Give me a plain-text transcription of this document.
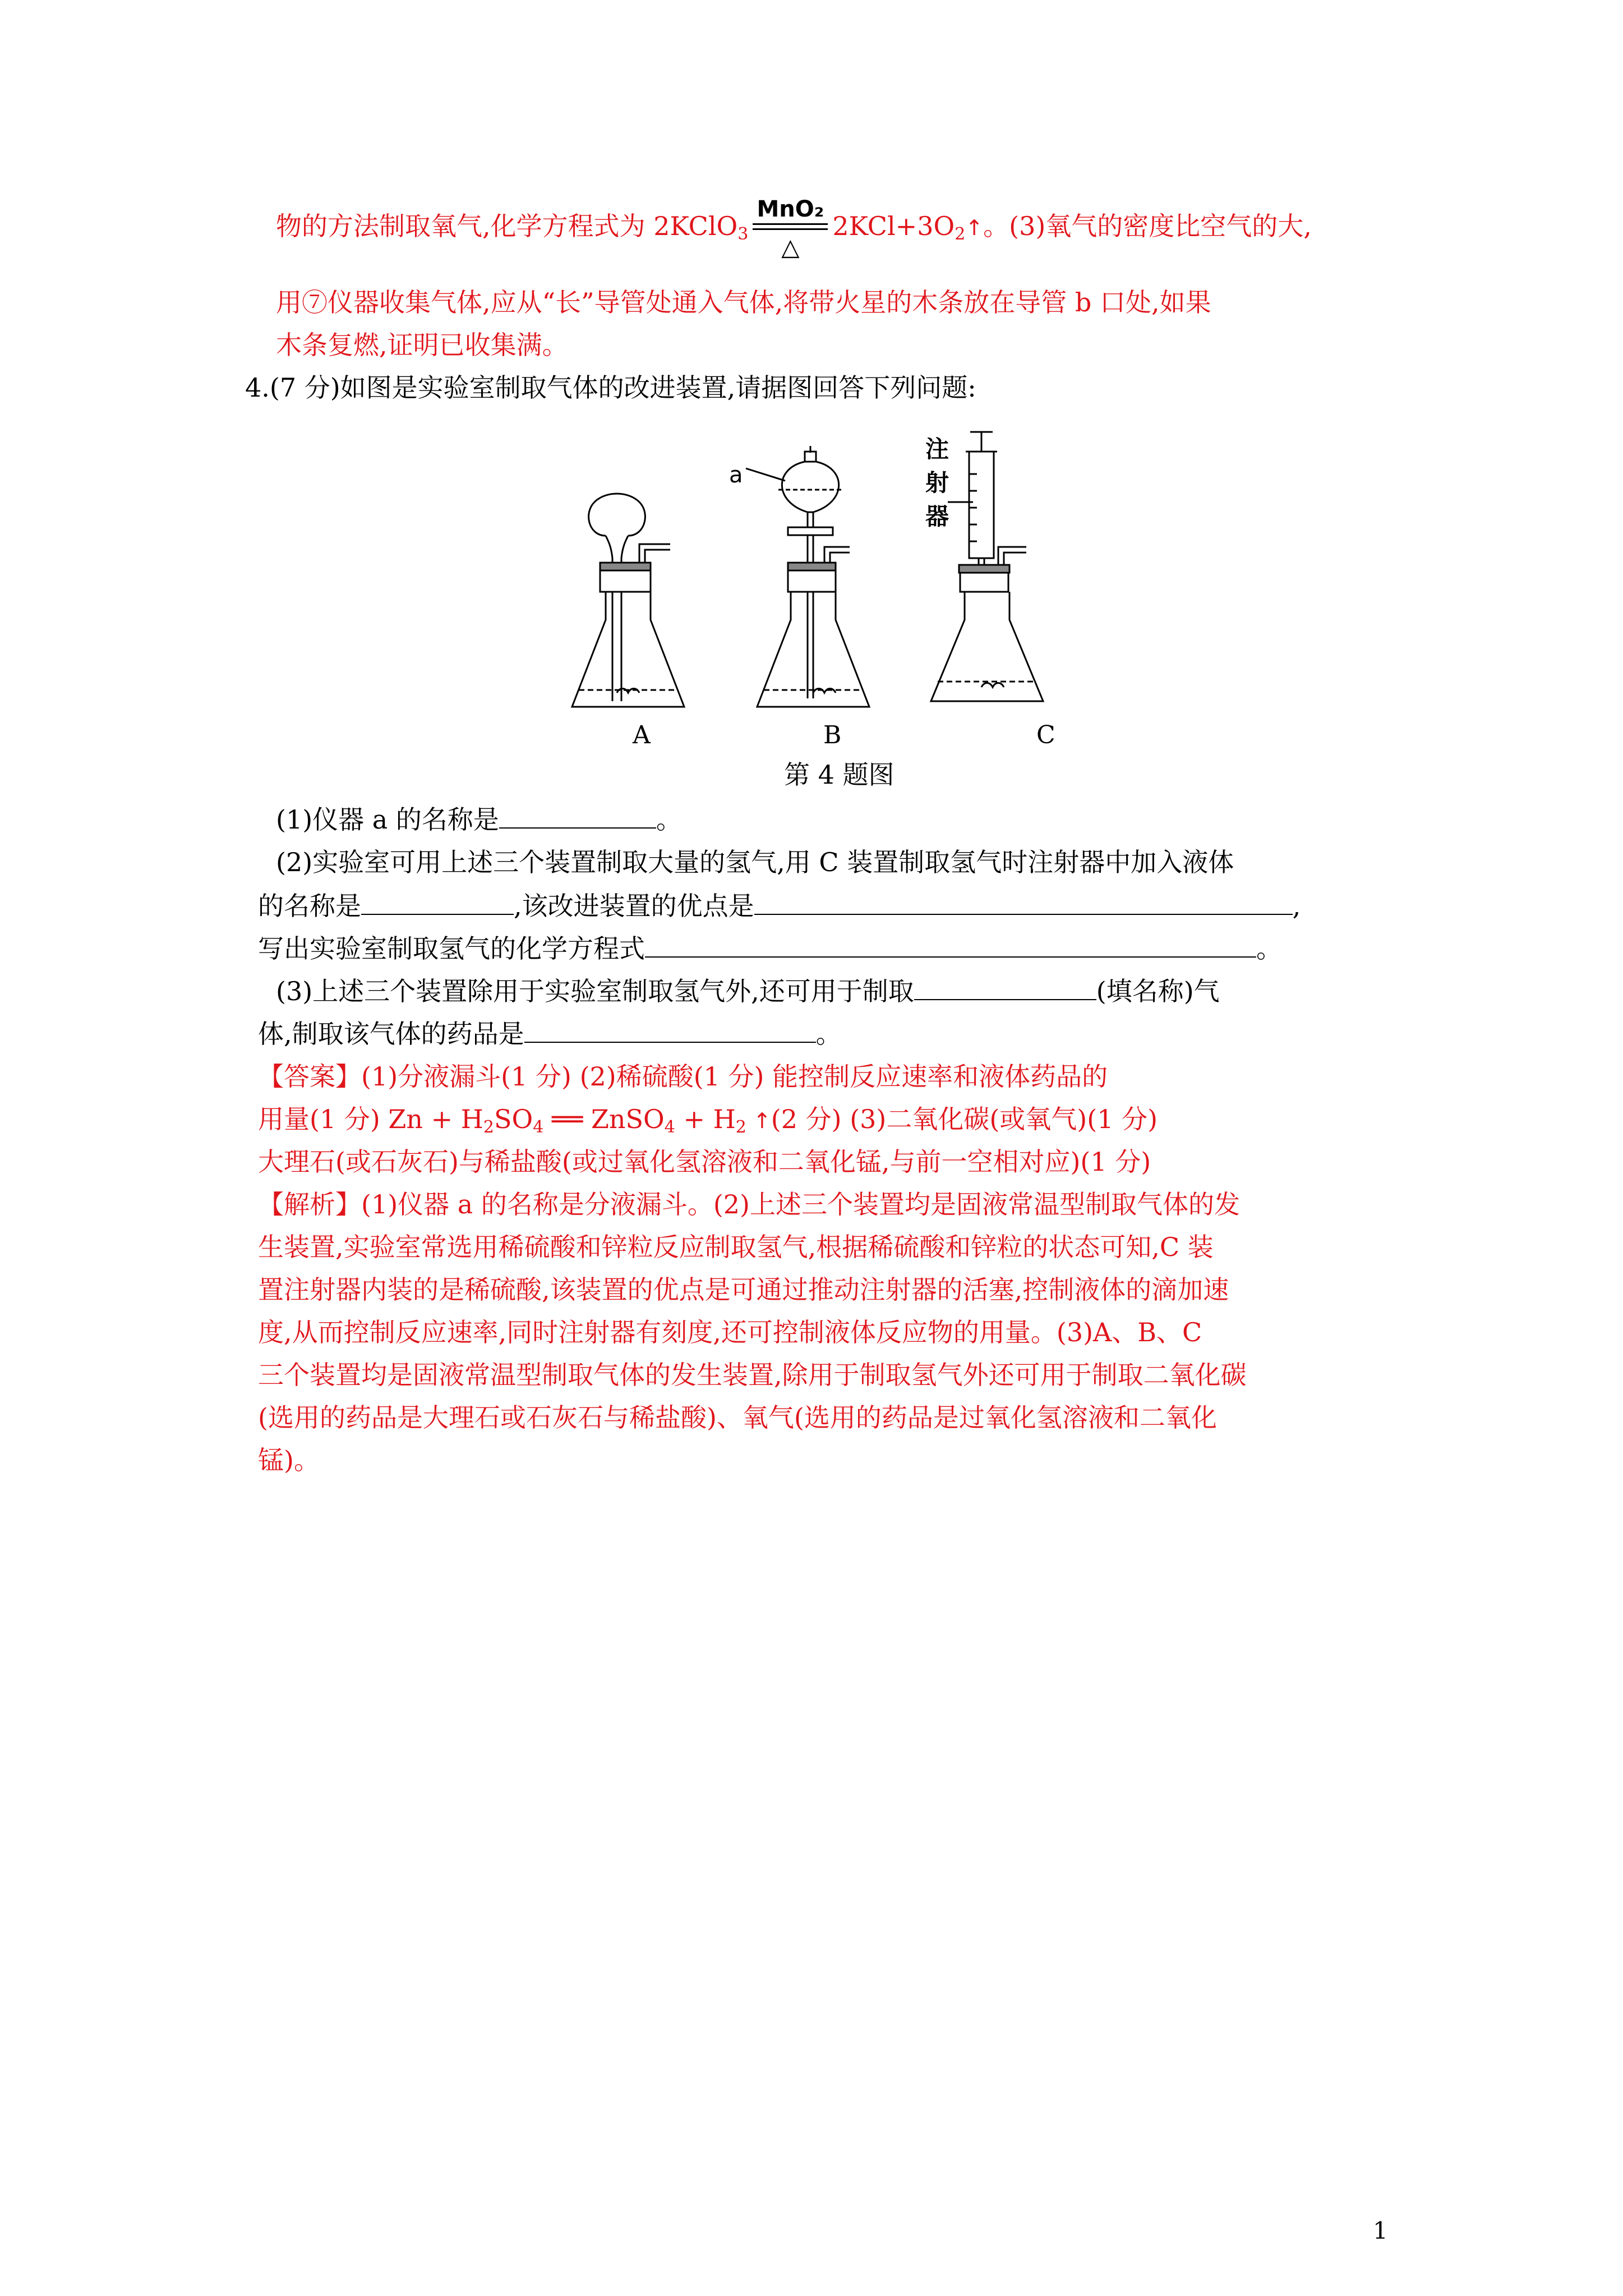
物的方法制取氧气,化学方程式为 2KClO$_3$
MnO₂
△
$2KCl+3O_2↑$。(3)氧气的密度比空气的大,
用⑦仪器收集气体,应从“长”导管处通入气体,将带火星的木条放在导管 b 口处,如果
木条复燃,证明已收集满。
4.(7 分)如图是实验室制取气体的改进装置,请据图回答下列问题:
a
注
射
器
A	B	C
第 4 题图
(1)仪器 a 的名称是	。
(2)实验室可用上述三个装置制取大量的氢气,用 C 装置制取氢气时注射器中加入液体
的名称是	,该改进装置的优点是	,
写出实验室制取氢气的化学方程式	。
(3)上述三个装置除用于实验室制取氢气外,还可用于制取	(填名称)气
体,制取该气体的药品是	。
【答案】(1)分液漏斗(1 分) (2)稀硫酸(1 分) 能控制反应速率和液体药品的
用量(1 分) $Zn + H_2SO_4$ ══ ZnSO$_4$ + $H_2$ ↑(2 分) (3)二氧化碳(或氧气)(1 分)
大理石(或石灰石)与稀盐酸(或过氧化氢溶液和二氧化锰,与前一空相对应)(1 分)
【解析】(1)仪器 a 的名称是分液漏斗。(2)上述三个装置均是固液常温型制取气体的发
生装置,实验室常选用稀硫酸和锌粒反应制取氢气,根据稀硫酸和锌粒的状态可知,C 装
置注射器内装的是稀硫酸,该装置的优点是可通过推动注射器的活塞,控制液体的滴加速
度,从而控制反应速率,同时注射器有刻度,还可控制液体反应物的用量。(3)A、B、C
三个装置均是固液常温型制取气体的发生装置,除用于制取氢气外还可用于制取二氧化碳
(选用的药品是大理石或石灰石与稀盐酸)、氧气(选用的药品是过氧化氢溶液和二氧化
锰)。
1
